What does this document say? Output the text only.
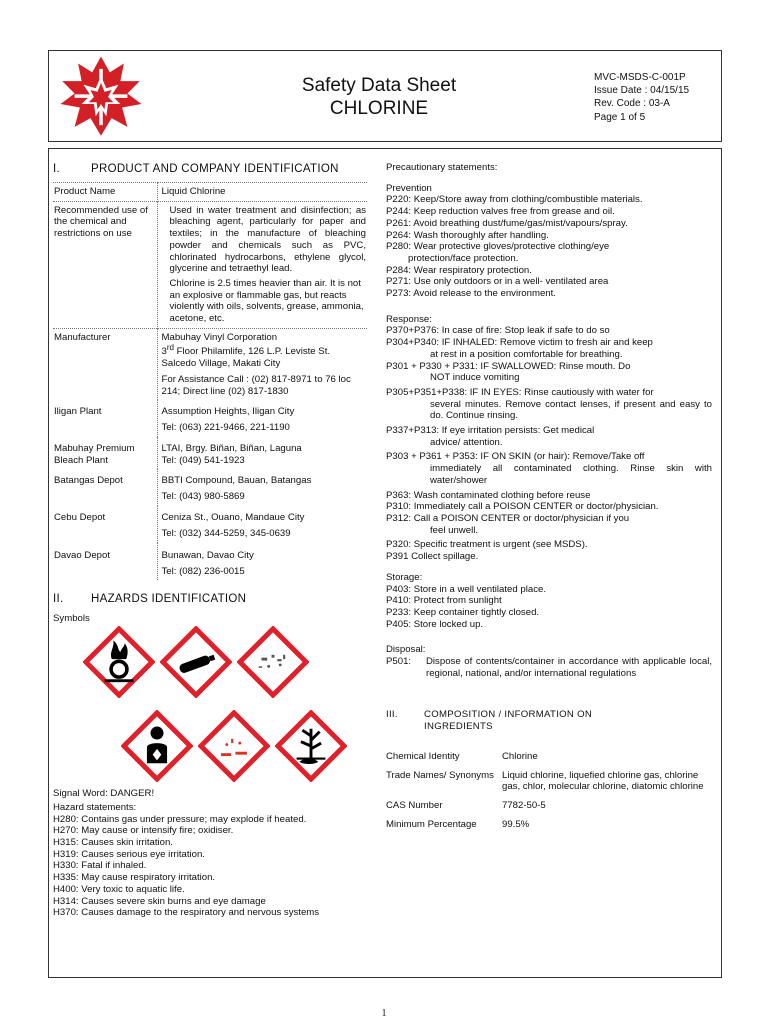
Safety Data Sheet
CHLORINE
MVC-MSDS-C-001P
Issue Date : 04/15/15
Rev. Code : 03-A
Page 1 of 5
I.	PRODUCT AND COMPANY IDENTIFICATION
Product Name	Liquid Chlorine
Recommended use of the chemical and restrictions on use	Used in water treatment and disinfection; as bleaching agent, particularly for paper and textiles; in the manufacture of bleaching powder and chemicals such as PVC, chlorinated hydrocarbons, ethylene glycol, glycerine and tetraethyl lead.
Chlorine is 2.5 times heavier than air. It is not an explosive or flammable gas, but reacts violently with oils, solvents, grease, ammonia, acetone, etc.

Manufacturer	Mabuhay Vinyl Corporation
3rd Floor Philamlife, 126 L.P. Leviste St.
Salcedo Village, Makati City
For Assistance Call : (02) 817-8971 to 76 loc 214; Direct line (02) 817-1830

Iligan Plant	Assumption Heights, Iligan City
Tel: (063) 221-9466, 221-1190

Mabuhay Premium Bleach Plant	LTAI, Brgy. Biñan, Biñan, Laguna
Tel: (049) 541-1923

Batangas Depot	BBTI Compound, Bauan, Batangas
Tel: (043) 980-5869

Cebu Depot	Ceniza St., Ouano, Mandaue City
Tel: (032) 344-5259, 345-0639

Davao Depot	Bunawan, Davao City
Tel: (082) 236-0015
II.	HAZARDS IDENTIFICATION
Symbols
Signal Word: DANGER!
Hazard statements:
H280: Contains gas under pressure; may explode if heated.
H270: May cause or intensify fire; oxidiser.
H315: Causes skin irritation.
H319: Causes serious eye irritation.
H330: Fatal if inhaled.
H335: May cause respiratory irritation.
H400: Very toxic to aquatic life.
H314: Causes severe skin burns and eye damage
H370: Causes damage to the respiratory and nervous systems
Precautionary statements:
Prevention
P220: Keep/Store away from clothing/combustible materials.
P244: Keep reduction valves free from grease and oil.
P261: Avoid breathing dust/fume/gas/mist/vapours/spray.
P264: Wash thoroughly after handling.
P280: Wear protective gloves/protective clothing/eye
protection/face protection.
P284: Wear respiratory protection.
P271: Use only outdoors or in a well- ventilated area
P273: Avoid release to the environment.
Response:
P370+P376: In case of fire: Stop leak if safe to do so
P304+P340: IF INHALED: Remove victim to fresh air and keep
at rest in a position comfortable for breathing.
P301 + P330 + P331: IF SWALLOWED: Rinse mouth. Do
NOT induce vomiting
P305+P351+P338: IF IN EYES: Rinse cautiously with water for
several minutes. Remove contact lenses, if present and easy to do. Continue rinsing.
P337+P313: If eye irritation persists: Get medical
advice/ attention.
P303 + P361 + P353: IF ON SKIN (or hair): Remove/Take off
immediately all contaminated clothing. Rinse skin with water/shower
P363: Wash contaminated clothing before reuse
P310: Immediately call a POISON CENTER or doctor/physician.
P312: Call a POISON CENTER or doctor/physician if you
feel unwell.
P320: Specific treatment is urgent (see MSDS).
P391 Collect spillage.
Storage:
P403: Store in a well ventilated place.
P410: Protect from sunlight
P233: Keep container tightly closed.
P405: Store locked up.
Disposal:
P501:	Dispose of contents/container in accordance with applicable local, regional, national, and/or international regulations
III.	COMPOSITION / INFORMATION ON INGREDIENTS
Chemical Identity	Chlorine
Trade Names/ Synonyms	Liquid chlorine, liquefied chlorine gas, chlorine gas, chlor, molecular chlorine, diatomic chlorine
CAS Number	7782-50-5
Minimum Percentage	99.5%
1
